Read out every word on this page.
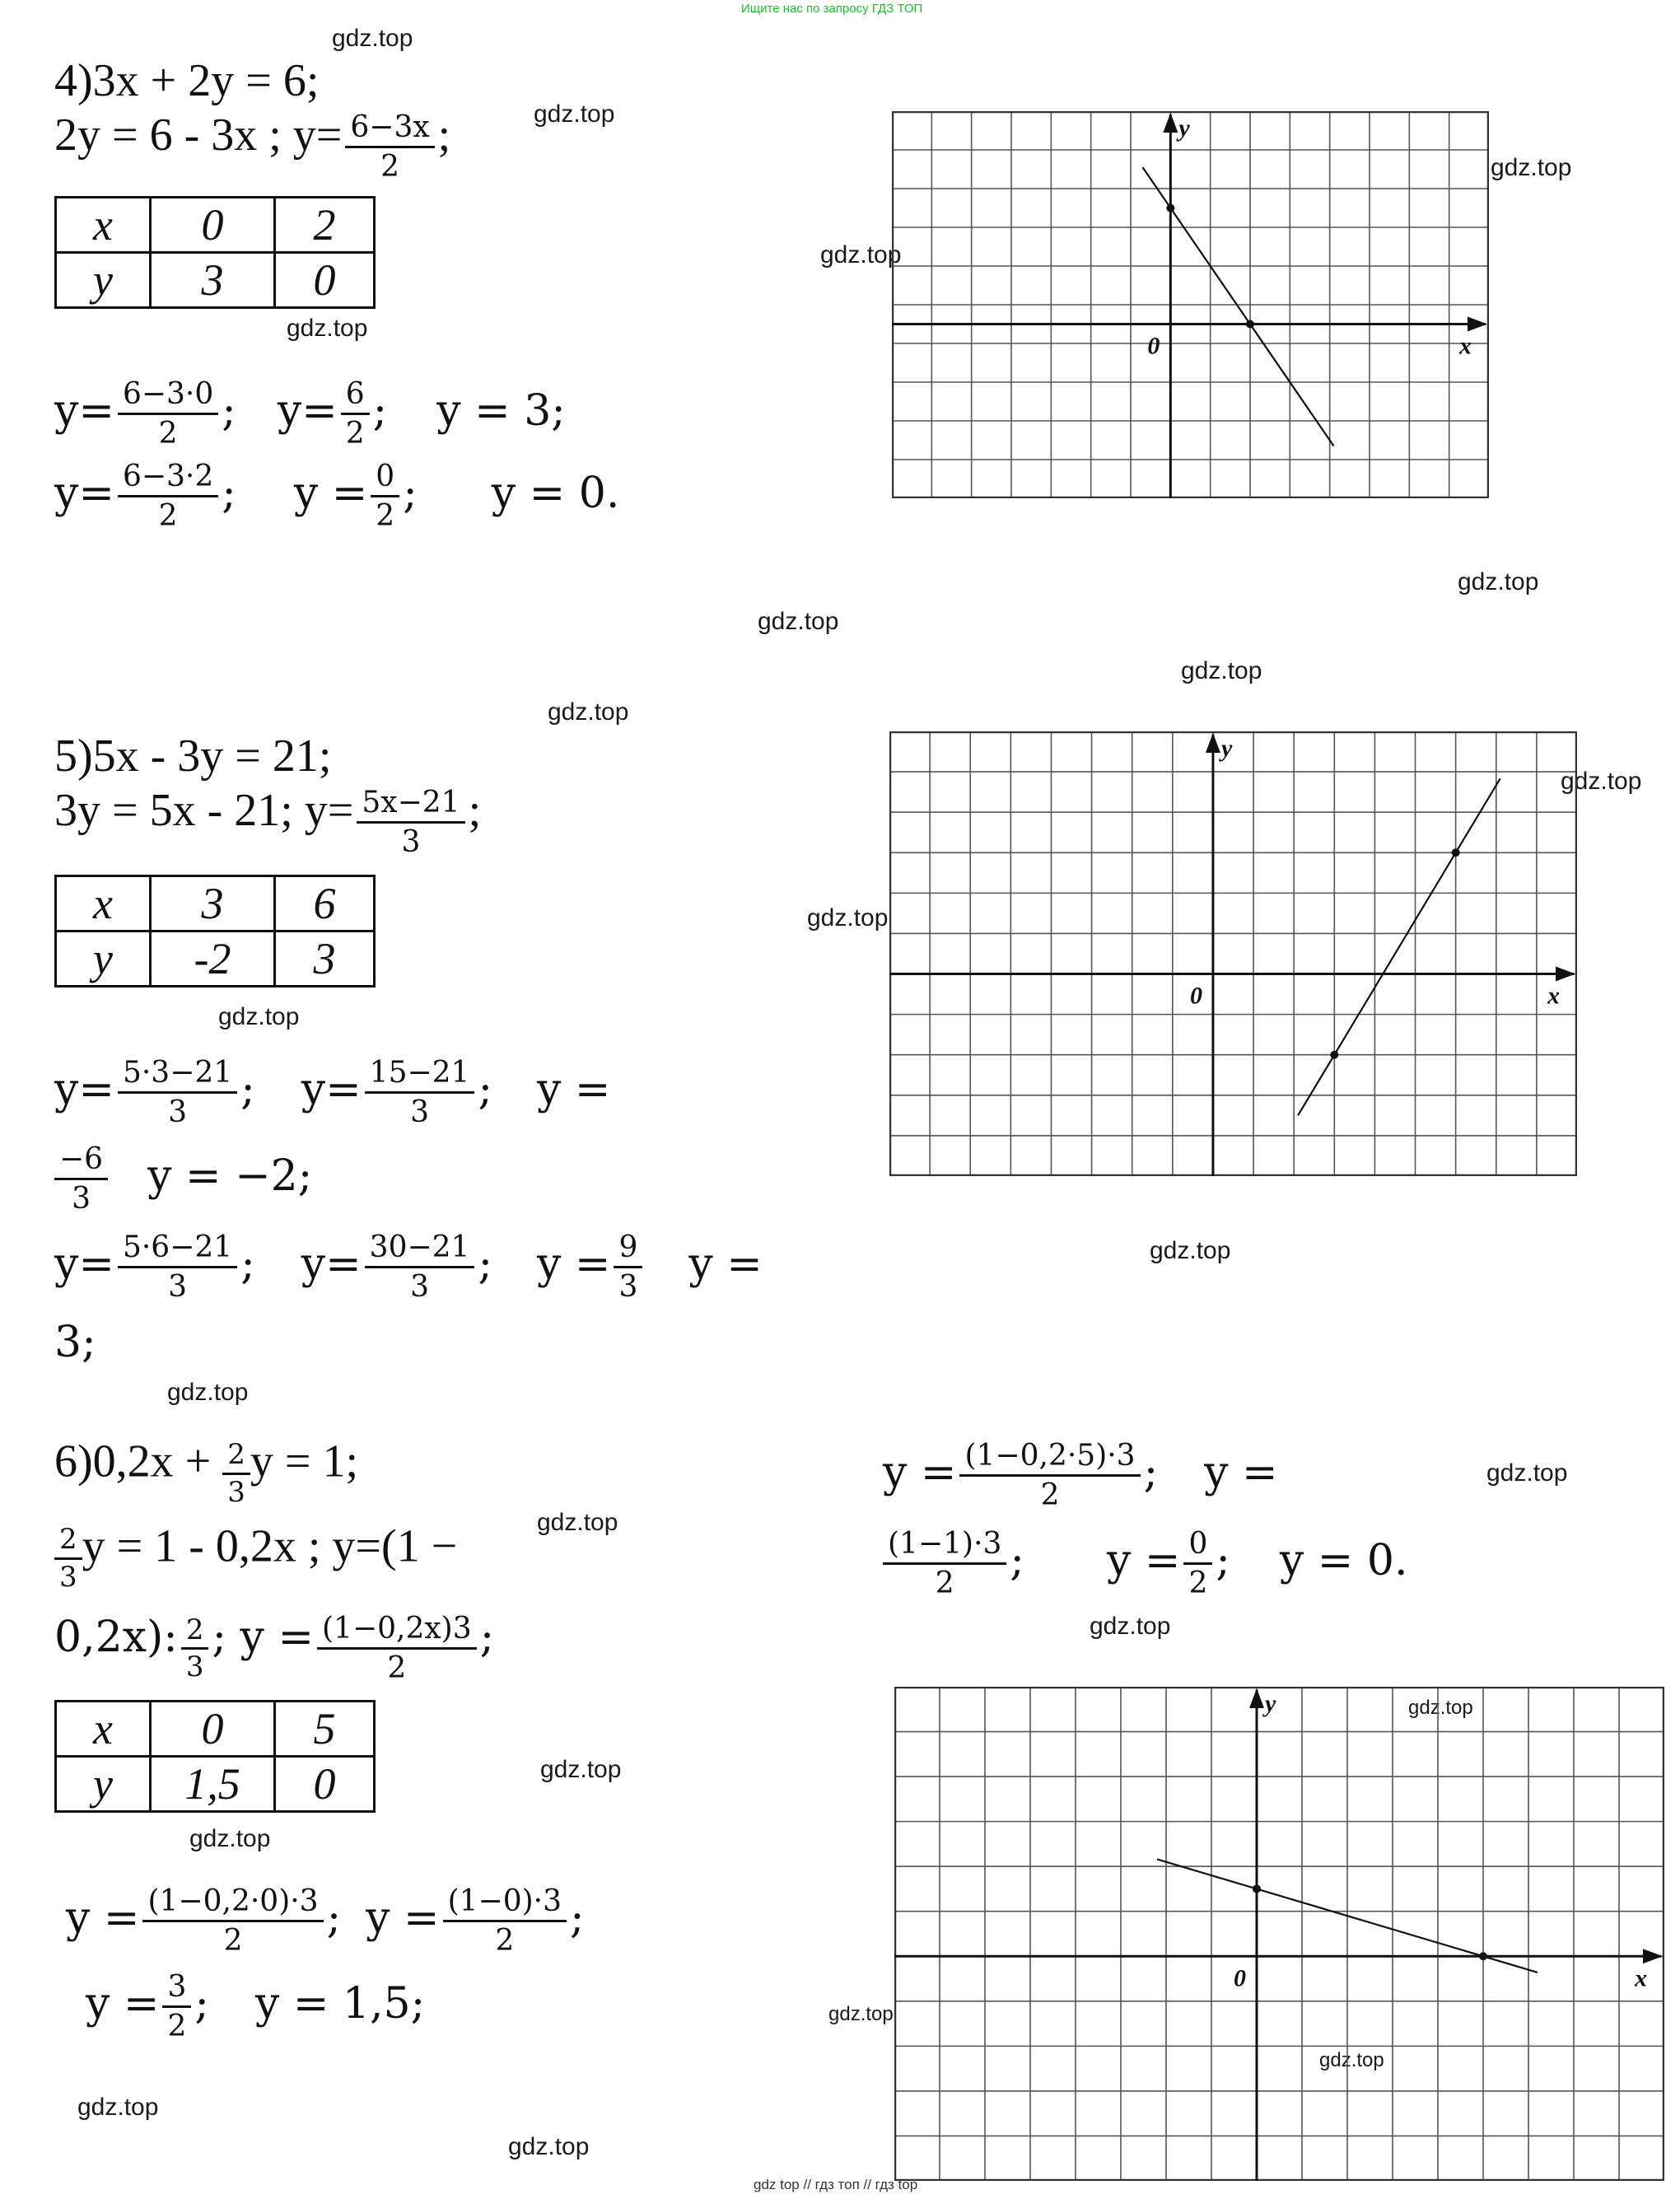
Ищите нас по запросу ГДЗ ТОП
gdz top // гдз топ // гдз top
gdz.top
gdz.top
gdz.top
gdz.top
gdz.top
gdz.top
gdz.top
gdz.top
gdz.top
gdz.top
gdz.top
gdz.top
gdz.top
gdz.top
gdz.top
gdz.top
gdz.top
gdz.top
gdz.top
gdz.top
gdz.top
gdz.top
gdz.top
gdz.top
4)3x + 2y = 6;
2y = 6 - 3x ; $y= \frac{6-3x}{2}$ ;
x	0	2
y	3	0
$y= \frac{6-3\cdot 0}{2}$ ; $y= \frac{6}{2}$ ; y = 3;
$y= \frac{6-3\cdot 2}{2}$ ; $y = \frac{0}{2}$ ; y = 0.
x
y
0
5)5x - 3y = 21;
3y = 5x - 21; $y= \frac{5x-21}{3}$ ;
x	3	6
y	-2	3
$y= \frac{5\cdot 3-21}{3}$ ; $y= \frac{15-21}{3}$ ; y =
$\frac{-6}{3}$ y = −2;
$y= \frac{5\cdot 6-21}{3}$ ; $y= \frac{30-21}{3}$ ; $y = \frac{9}{3}$ y =
3;
x
y
0
$6)0,2x + \frac{2}{3}$ y = 1;
$\frac{2}{3}$ y = 1 - 0,2x ; y=(1 −
0,2x): $\frac{2}{3}$ ; $y = \frac{(1-0,2x)3}{2}$ ;
x	0	5
y	1,5	0
$y = \frac{(1-0,2\cdot 0)\cdot 3}{2}$ ; $y = \frac{(1-0)\cdot 3}{2}$ ;
$y = \frac{3}{2}$ ; y = 1,5;
$y = \frac{(1-0,2\cdot 5)\cdot 3}{2}$ ; y =
$\frac{(1-1)\cdot 3}{2}$ ; $y = \frac{0}{2}$ ; y = 0.
x
y
0
